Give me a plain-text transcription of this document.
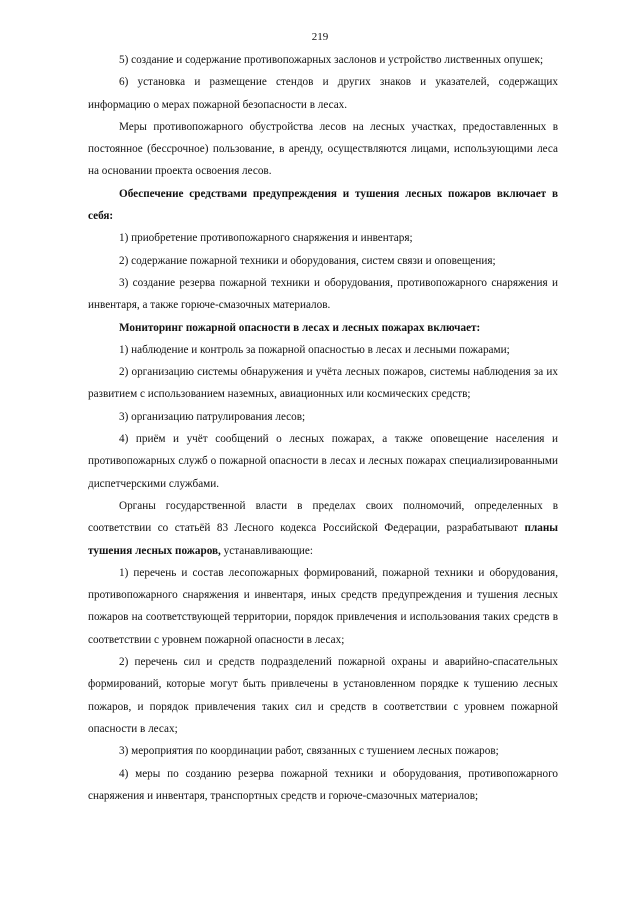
219

5) создание и содержание противопожарных заслонов и устройство лиственных опушек;

6) установка и размещение стендов и других знаков и указателей, содержащих информацию о мерах пожарной безопасности в лесах.

Меры противопожарного обустройства лесов на лесных участках, предоставленных в постоянное (бессрочное) пользование, в аренду, осуществляются лицами, использующими леса на основании проекта освоения лесов.

Обеспечение средствами предупреждения и тушения лесных пожаров включает в себя:

1) приобретение противопожарного снаряжения и инвентаря;

2) содержание пожарной техники и оборудования, систем связи и оповещения;

3) создание резерва пожарной техники и оборудования, противопожарного снаряжения и инвентаря, а также горюче-смазочных материалов.

Мониторинг пожарной опасности в лесах и лесных пожарах включает:

1) наблюдение и контроль за пожарной опасностью в лесах и лесными пожарами;

2) организацию системы обнаружения и учёта лесных пожаров, системы наблюдения за их развитием с использованием наземных, авиационных или космических средств;

3) организацию патрулирования лесов;

4) приём и учёт сообщений о лесных пожарах, а также оповещение населения и противопожарных служб о пожарной опасности в лесах и лесных пожарах специализированными диспетчерскими службами.

Органы государственной власти в пределах своих полномочий, определенных в соответствии со статьёй 83 Лесного кодекса Российской Федерации, разрабатывают планы тушения лесных пожаров, устанавливающие:

1) перечень и состав лесопожарных формирований, пожарной техники и оборудования, противопожарного снаряжения и инвентаря, иных средств предупреждения и тушения лесных пожаров на соответствующей территории, порядок привлечения и использования таких средств в соответствии с уровнем пожарной опасности в лесах;

2) перечень сил и средств подразделений пожарной охраны и аварийно-спасательных формирований, которые могут быть привлечены в установленном порядке к тушению лесных пожаров, и порядок привлечения таких сил и средств в соответствии с уровнем пожарной опасности в лесах;

3) мероприятия по координации работ, связанных с тушением лесных пожаров;

4) меры по созданию резерва пожарной техники и оборудования, противопожарного снаряжения и инвентаря, транспортных средств и горюче-смазочных материалов;
